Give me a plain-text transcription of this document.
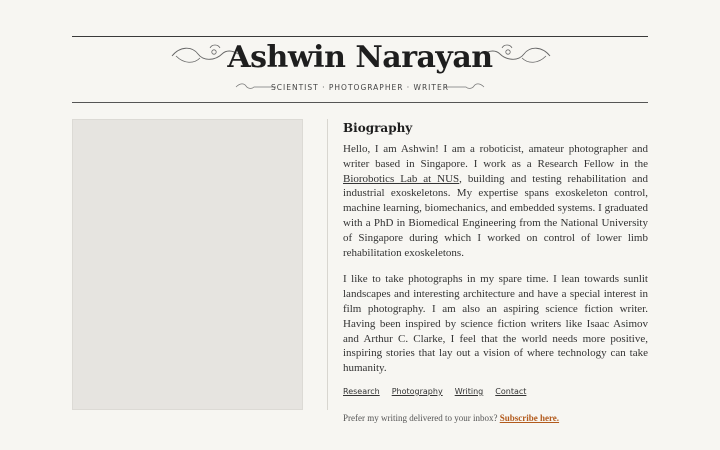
Ashwin Narayan
SCIENTIST · PHOTOGRAPHER · WRITER
Biography

Hello, I am Ashwin! I am a roboticist, amateur photographer and writer based in Singapore. I work as a Research Fellow in the Biorobotics Lab at NUS, building and testing rehabilitation and industrial exoskeletons. My expertise spans exoskeleton control, machine learning, biomechanics, and embedded systems. I graduated with a PhD in Biomedical Engineering from the National University of Singapore during which I worked on control of lower limb rehabilitation exoskeletons.

I like to take photographs in my spare time. I lean towards sunlit landscapes and interesting architecture and have a special interest in film photography. I am also an aspiring science fiction writer. Having been inspired by science fiction writers like Isaac Asimov and Arthur C. Clarke, I feel that the world needs more positive, inspiring stories that lay out a vision of where technology can take humanity.

Research Photography Writing Contact
Prefer my writing delivered to your inbox? Subscribe here.
